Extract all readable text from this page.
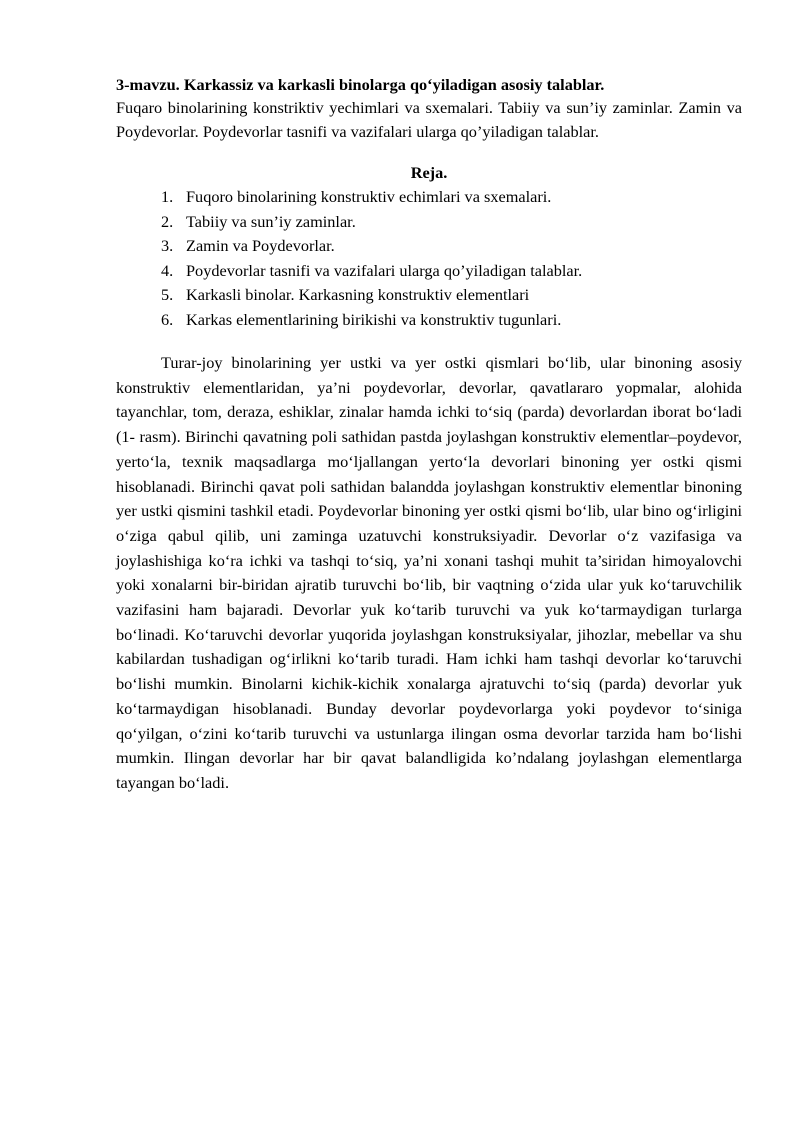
3-mavzu. Karkassiz va karkasli binolarga qo‘yiladigan asosiy talablar.

Fuqaro binolarining konstriktiv yechimlari va sxemalari. Tabiiy va sun’iy zaminlar. Zamin va Poydevorlar. Poydevorlar tasnifi va vazifalari ularga qo’yiladigan talablar.

Reja.

1. Fuqoro binolarining konstruktiv echimlari va sxemalari.
2. Tabiiy va sun’iy zaminlar.
3. Zamin va Poydevorlar.
4. Poydevorlar tasnifi va vazifalari ularga qo’yiladigan talablar.
5. Karkasli binolar. Karkasning konstruktiv elementlari
6. Karkas elementlarining birikishi va konstruktiv tugunlari.

Turar-joy binolarining yer ustki va yer ostki qismlari bo‘lib, ular binoning asosiy konstruktiv elementlaridan, ya’ni poydevorlar, devorlar, qavatlararo yopmalar, alohida tayanchlar, tom, deraza, eshiklar, zinalar hamda ichki to‘siq (parda) devorlardan iborat bo‘ladi (1- rasm). Birinchi qavatning poli sathidan pastda joylashgan konstruktiv elementlar–poydevor, yerto‘la, texnik maqsadlarga mo‘ljallangan yerto‘la devorlari binoning yer ostki qismi hisoblanadi. Birinchi qavat poli sathidan balandda joylashgan konstruktiv elementlar binoning yer ustki qismini tashkil etadi. Poydevorlar binoning yer ostki qismi bo‘lib, ular bino og‘irligini o‘ziga qabul qilib, uni zaminga uzatuvchi konstruksiyadir. Devorlar o‘z vazifasiga va joylashishiga ko‘ra ichki va tashqi to‘siq, ya’ni xonani tashqi muhit ta’siridan himoyalovchi yoki xonalarni bir-biridan ajratib turuvchi bo‘lib, bir vaqtning o‘zida ular yuk ko‘taruvchilik vazifasini ham bajaradi. Devorlar yuk ko‘tarib turuvchi va yuk ko‘tarmaydigan turlarga bo‘linadi. Ko‘taruvchi devorlar yuqorida joylashgan konstruksiyalar, jihozlar, mebellar va shu kabilardan tushadigan og‘irlikni ko‘tarib turadi. Ham ichki ham tashqi devorlar ko‘taruvchi bo‘lishi mumkin. Binolarni kichik-kichik xonalarga ajratuvchi to‘siq (parda) devorlar yuk ko‘tarmaydigan hisoblanadi. Bunday devorlar poydevorlarga yoki poydevor to‘siniga qo‘yilgan, o‘zini ko‘tarib turuvchi va ustunlarga ilingan osma devorlar tarzida ham bo‘lishi mumkin. Ilingan devorlar har bir qavat balandligida ko’ndalang joylashgan elementlarga tayangan bo‘ladi.
